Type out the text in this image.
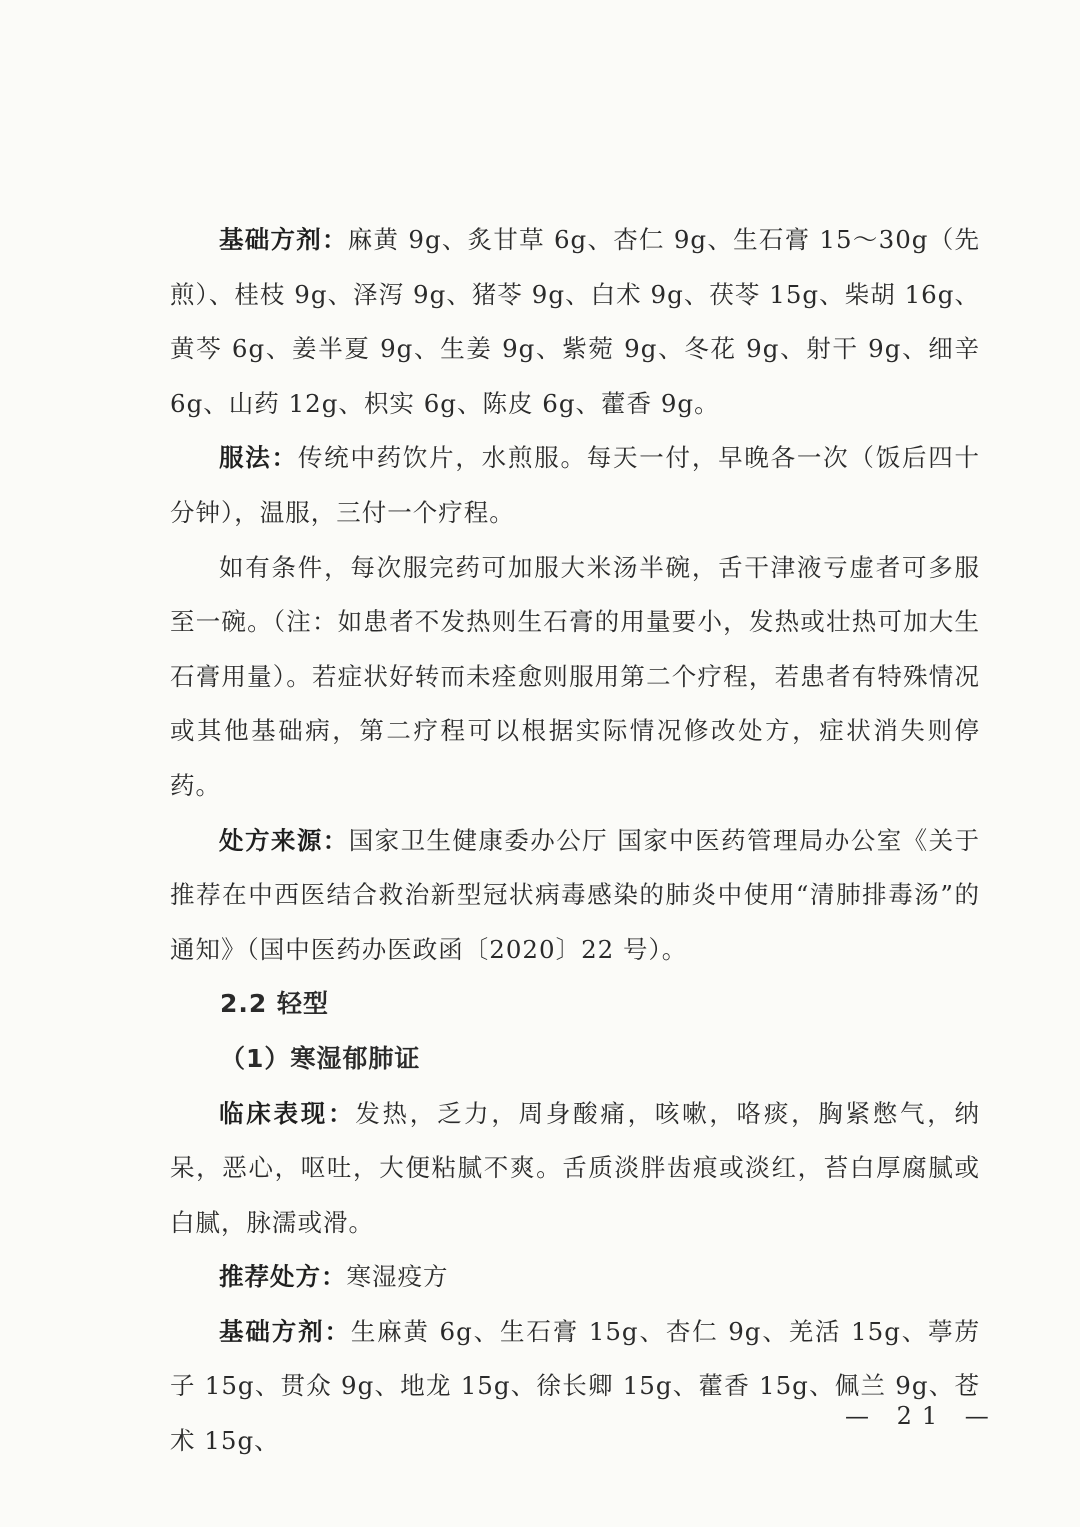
基础方剂：麻黄 9g、炙甘草 6g、杏仁 9g、生石膏 15～30g（先煎）、桂枝 9g、泽泻 9g、猪苓 9g、白术 9g、茯苓 15g、柴胡 16g、黄芩 6g、姜半夏 9g、生姜 9g、紫菀 9g、冬花 9g、射干 9g、细辛 6g、山药 12g、枳实 6g、陈皮 6g、藿香 9g。

服法：传统中药饮片，水煎服。每天一付，早晚各一次（饭后四十分钟），温服，三付一个疗程。

如有条件，每次服完药可加服大米汤半碗，舌干津液亏虚者可多服至一碗。（注：如患者不发热则生石膏的用量要小，发热或壮热可加大生石膏用量）。若症状好转而未痊愈则服用第二个疗程，若患者有特殊情况或其他基础病，第二疗程可以根据实际情况修改处方，症状消失则停药。

处方来源：国家卫生健康委办公厅 国家中医药管理局办公室《关于推荐在中西医结合救治新型冠状病毒感染的肺炎中使用“清肺排毒汤”的通知》（国中医药办医政函〔2020〕22 号）。

2.2 轻型

（1）寒湿郁肺证

临床表现：发热，乏力，周身酸痛，咳嗽，咯痰，胸紧憋气，纳呆，恶心，呕吐，大便粘腻不爽。舌质淡胖齿痕或淡红，苔白厚腐腻或白腻，脉濡或滑。

推荐处方：寒湿疫方

基础方剂：生麻黄 6g、生石膏 15g、杏仁 9g、羌活 15g、葶苈子 15g、贯众 9g、地龙 15g、徐长卿 15g、藿香 15g、佩兰 9g、苍术 15g、

— 21 —
